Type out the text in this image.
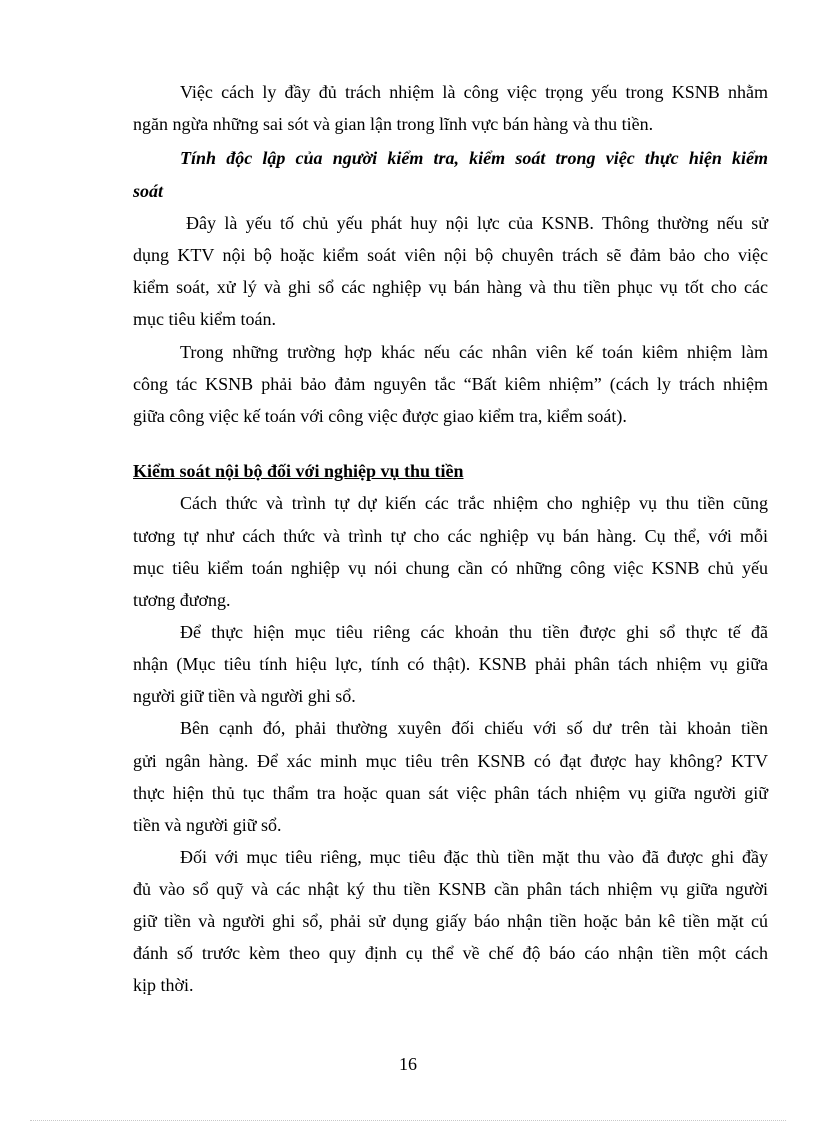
Việc cách ly đầy đủ trách nhiệm là công việc trọng yếu trong KSNB nhằm
ngăn ngừa những sai sót và gian lận trong lĩnh vực bán hàng và thu tiền.
Tính độc lập của người kiểm tra, kiểm soát trong việc thực hiện kiểm
soát
Đây là yếu tố chủ yếu phát huy nội lực của KSNB. Thông thường nếu sử
dụng KTV nội bộ hoặc kiểm soát viên nội bộ chuyên trách sẽ đảm bảo cho việc
kiểm soát, xử lý và ghi sổ các nghiệp vụ bán hàng và thu tiền phục vụ tốt cho các
mục tiêu kiểm toán.
Trong những trường hợp khác nếu các nhân viên kế toán kiêm nhiệm làm
công tác KSNB phải bảo đảm nguyên tắc “Bất kiêm nhiệm” (cách ly trách nhiệm
giữa công việc kế toán với công việc được giao kiểm tra, kiểm soát).
Kiểm soát nội bộ đối với nghiệp vụ thu tiền
Cách thức và trình tự dự kiến các trắc nhiệm cho nghiệp vụ thu tiền cũng
tương tự như cách thức và trình tự cho các nghiệp vụ bán hàng. Cụ thể, với mỗi
mục tiêu kiểm toán nghiệp vụ nói chung cần có những công việc KSNB chủ yếu
tương đương.
Để thực hiện mục tiêu riêng các khoản thu tiền được ghi sổ thực tế đã
nhận (Mục tiêu tính hiệu lực, tính có thật). KSNB phải phân tách nhiệm vụ giữa
người giữ tiền và người ghi sổ.
Bên cạnh đó, phải thường xuyên đối chiếu với số dư trên tài khoản tiền
gửi ngân hàng. Để xác minh mục tiêu trên KSNB có đạt được hay không? KTV
thực hiện thủ tục thẩm tra hoặc quan sát việc phân tách nhiệm vụ giữa người giữ
tiền và người giữ sổ.
Đối với mục tiêu riêng, mục tiêu đặc thù tiền mặt thu vào đã được ghi đầy
đủ vào sổ quỹ và các nhật ký thu tiền KSNB cần phân tách nhiệm vụ giữa người
giữ tiền và người ghi sổ, phải sử dụng giấy báo nhận tiền hoặc bản kê tiền mặt cú
đánh số trước kèm theo quy định cụ thể về chế độ báo cáo nhận tiền một cách
kịp thời.
16
